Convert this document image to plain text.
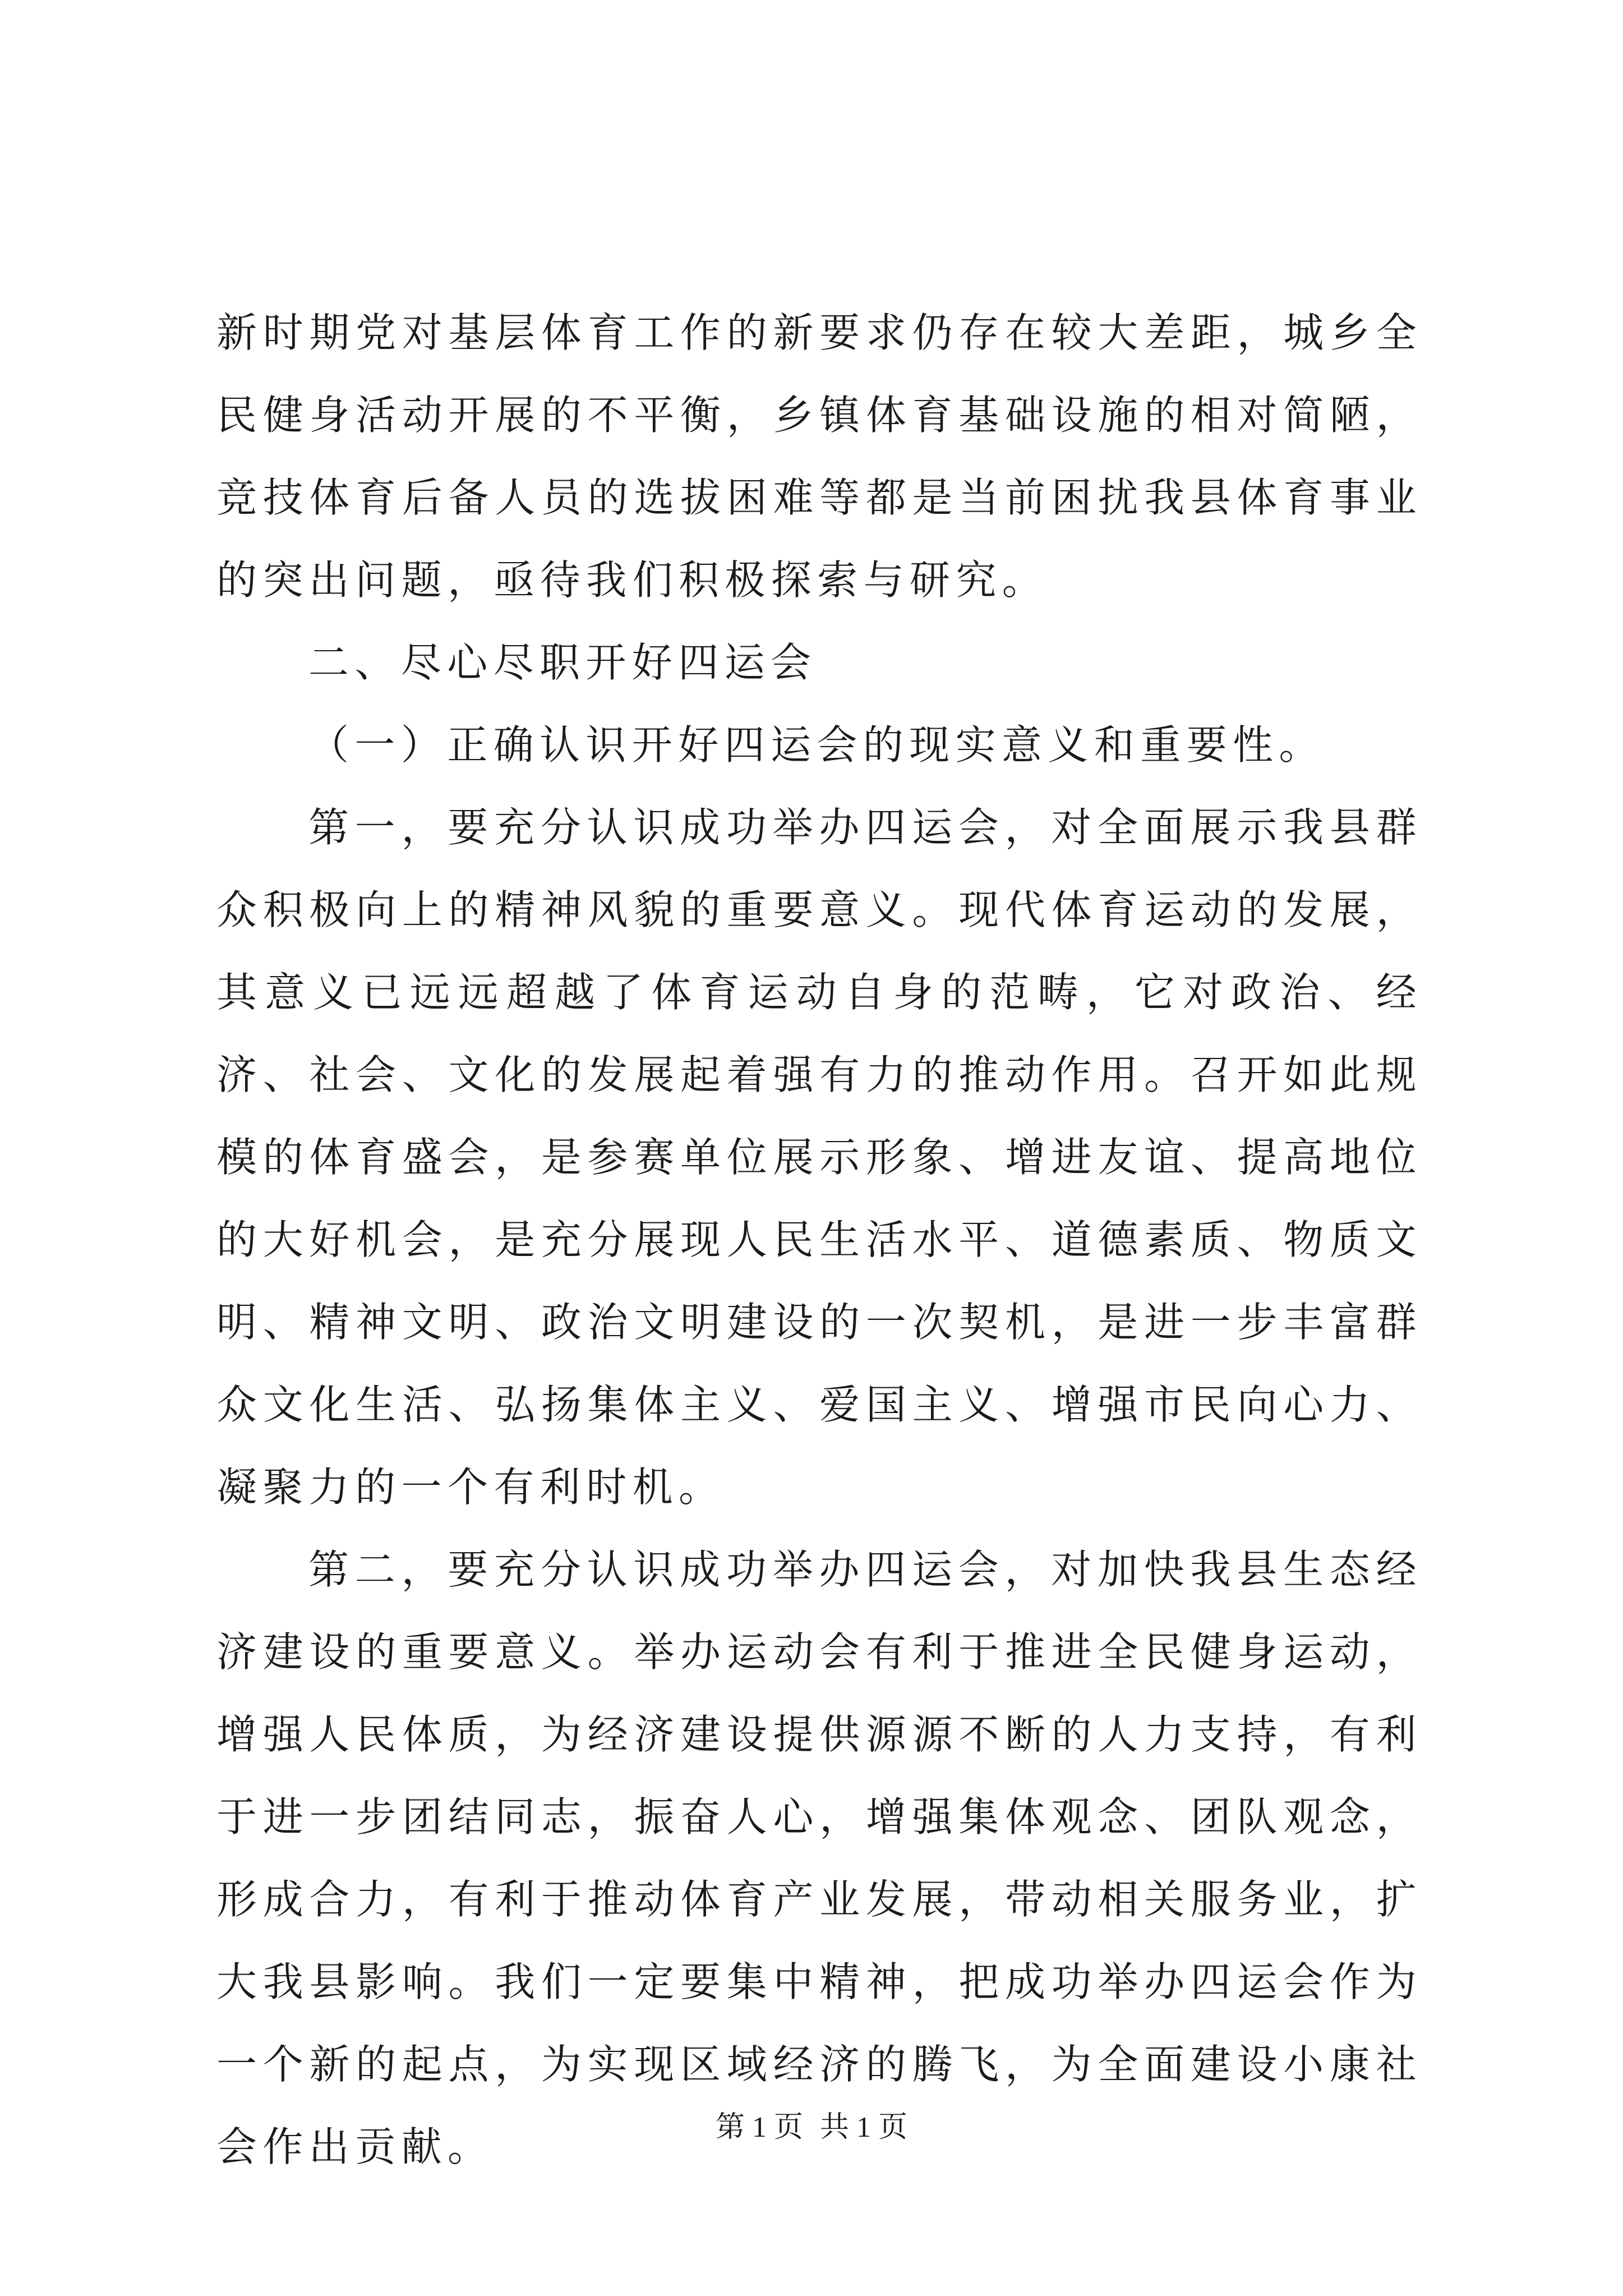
新时期党对基层体育工作的新要求仍存在较大差距，城乡全民健身活动开展的不平衡，乡镇体育基础设施的相对简陋，竞技体育后备人员的选拔困难等都是当前困扰我县体育事业的突出问题，亟待我们积极探索与研究。

二、尽心尽职开好四运会

（一）正确认识开好四运会的现实意义和重要性。

第一，要充分认识成功举办四运会，对全面展示我县群众积极向上的精神风貌的重要意义。现代体育运动的发展，其意义已远远超越了体育运动自身的范畴，它对政治、经济、社会、文化的发展起着强有力的推动作用。召开如此规模的体育盛会，是参赛单位展示形象、增进友谊、提高地位的大好机会，是充分展现人民生活水平、道德素质、物质文明、精神文明、政治文明建设的一次契机，是进一步丰富群众文化生活、弘扬集体主义、爱国主义、增强市民向心力、凝聚力的一个有利时机。

第二，要充分认识成功举办四运会，对加快我县生态经济建设的重要意义。举办运动会有利于推进全民健身运动，增强人民体质，为经济建设提供源源不断的人力支持，有利于进一步团结同志，振奋人心，增强集体观念、团队观念，形成合力，有利于推动体育产业发展，带动相关服务业，扩大我县影响。我们一定要集中精神，把成功举办四运会作为一个新的起点，为实现区域经济的腾飞，为全面建设小康社会作出贡献。	第 1 页 共 1 页
